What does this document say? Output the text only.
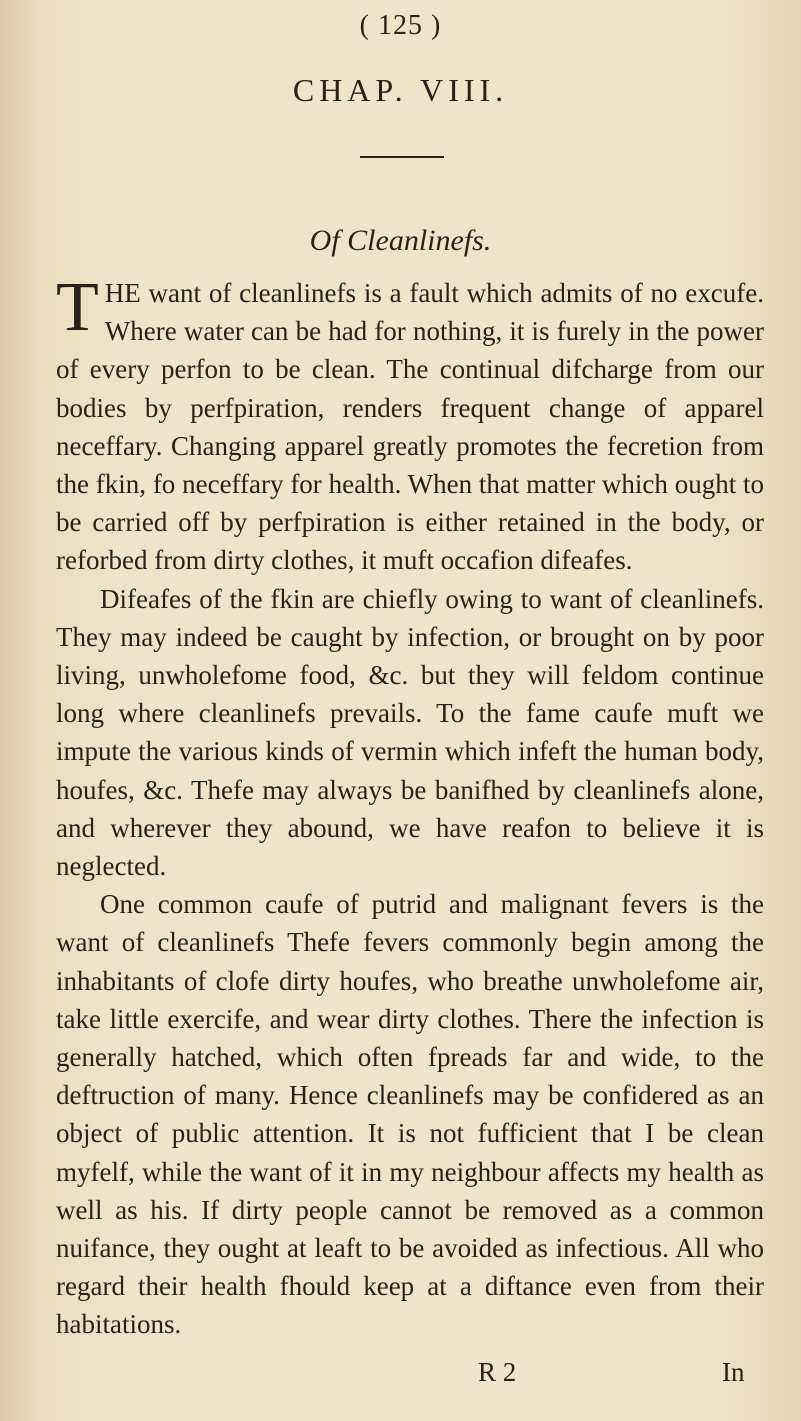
( 125 )
CHAP. VIII.
Of Cleanlinefs.

THE want of cleanlinefs is a fault which admits of no excufe. Where water can be had for nothing, it is furely in the power of every perfon to be clean. The continual difcharge from our bodies by perfpiration, renders frequent change of apparel neceffary. Changing apparel greatly promotes the fecretion from the fkin, fo neceffary for health. When that matter which ought to be carried off by perfpiration is either retained in the body, or reforbed from dirty clothes, it muft occafion difeafes.

Difeafes of the fkin are chiefly owing to want of cleanlinefs. They may indeed be caught by infection, or brought on by poor living, unwholefome food, &c. but they will feldom continue long where cleanlinefs prevails. To the fame caufe muft we impute the various kinds of vermin which infeft the human body, houfes, &c. Thefe may always be banifhed by cleanlinefs alone, and wherever they abound, we have reafon to believe it is neglected.

One common caufe of putrid and malignant fevers is the want of cleanlinefs Thefe fevers commonly begin among the inhabitants of clofe dirty houfes, who breathe unwholefome air, take little exercife, and wear dirty clothes. There the infection is generally hatched, which often fpreads far and wide, to the deftruction of many. Hence cleanlinefs may be confidered as an object of public attention. It is not fufficient that I be clean myfelf, while the want of it in my neighbour affects my health as well as his. If dirty people cannot be removed as a common nuifance, they ought at leaft to be avoided as infectious. All who regard their health fhould keep at a diftance even from their habitations.

R 2	In
